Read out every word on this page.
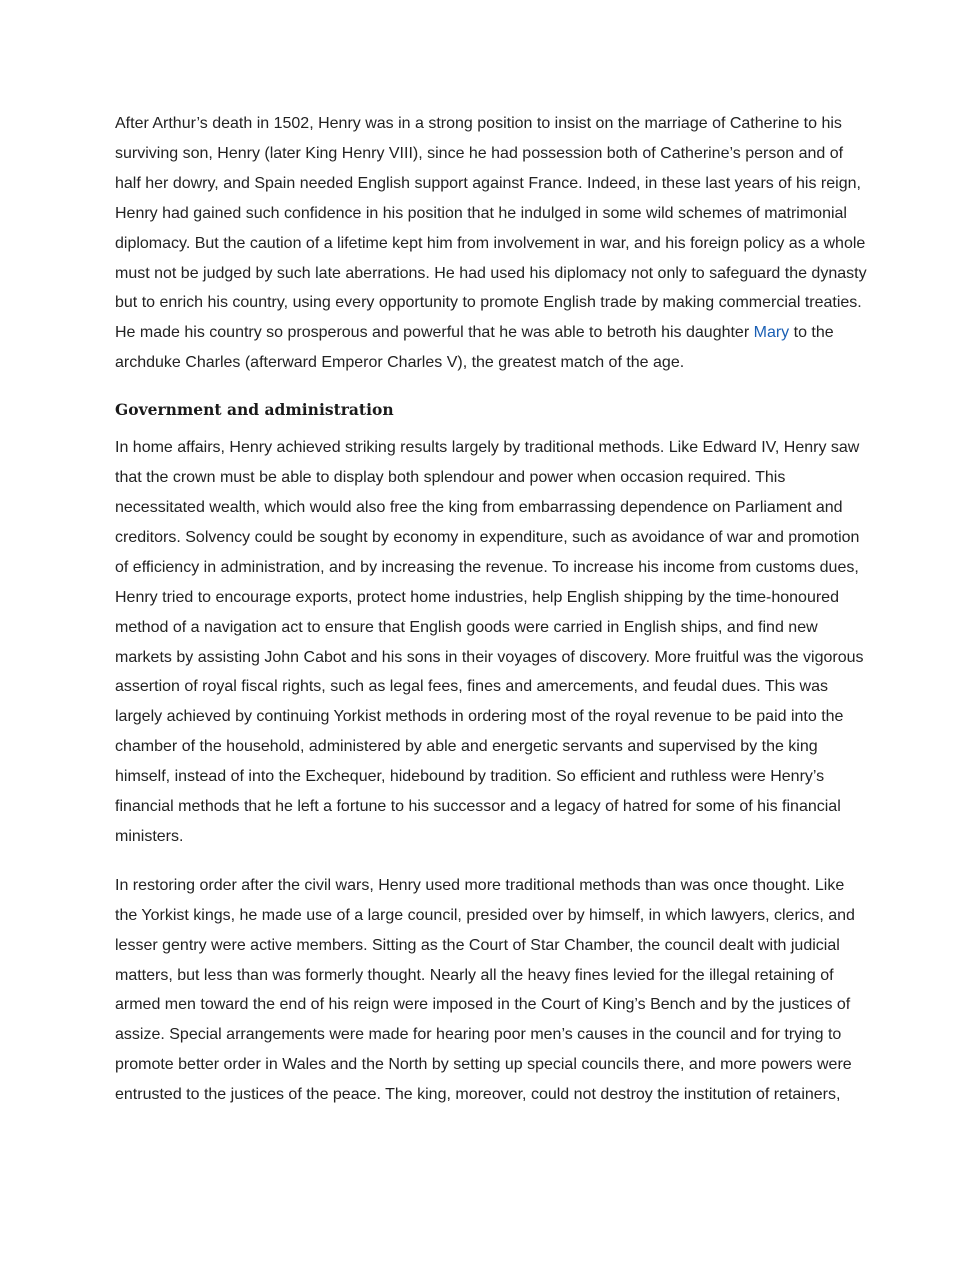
After Arthur’s death in 1502, Henry was in a strong position to insist on the marriage of Catherine to his surviving son, Henry (later King Henry VIII), since he had possession both of Catherine’s person and of half her dowry, and Spain needed English support against France. Indeed, in these last years of his reign, Henry had gained such confidence in his position that he indulged in some wild schemes of matrimonial diplomacy. But the caution of a lifetime kept him from involvement in war, and his foreign policy as a whole must not be judged by such late aberrations. He had used his diplomacy not only to safeguard the dynasty but to enrich his country, using every opportunity to promote English trade by making commercial treaties. He made his country so prosperous and powerful that he was able to betroth his daughter Mary to the archduke Charles (afterward Emperor Charles V), the greatest match of the age.

Government and administration

In home affairs, Henry achieved striking results largely by traditional methods. Like Edward IV, Henry saw that the crown must be able to display both splendour and power when occasion required. This necessitated wealth, which would also free the king from embarrassing dependence on Parliament and creditors. Solvency could be sought by economy in expenditure, such as avoidance of war and promotion of efficiency in administration, and by increasing the revenue. To increase his income from customs dues, Henry tried to encourage exports, protect home industries, help English shipping by the time-honoured method of a navigation act to ensure that English goods were carried in English ships, and find new markets by assisting John Cabot and his sons in their voyages of discovery. More fruitful was the vigorous assertion of royal fiscal rights, such as legal fees, fines and amercements, and feudal dues. This was largely achieved by continuing Yorkist methods in ordering most of the royal revenue to be paid into the chamber of the household, administered by able and energetic servants and supervised by the king himself, instead of into the Exchequer, hidebound by tradition. So efficient and ruthless were Henry’s financial methods that he left a fortune to his successor and a legacy of hatred for some of his financial ministers.

In restoring order after the civil wars, Henry used more traditional methods than was once thought. Like the Yorkist kings, he made use of a large council, presided over by himself, in which lawyers, clerics, and lesser gentry were active members. Sitting as the Court of Star Chamber, the council dealt with judicial matters, but less than was formerly thought. Nearly all the heavy fines levied for the illegal retaining of armed men toward the end of his reign were imposed in the Court of King’s Bench and by the justices of assize. Special arrangements were made for hearing poor men’s causes in the council and for trying to promote better order in Wales and the North by setting up special councils there, and more powers were entrusted to the justices of the peace. The king, moreover, could not destroy the institution of retainers,
